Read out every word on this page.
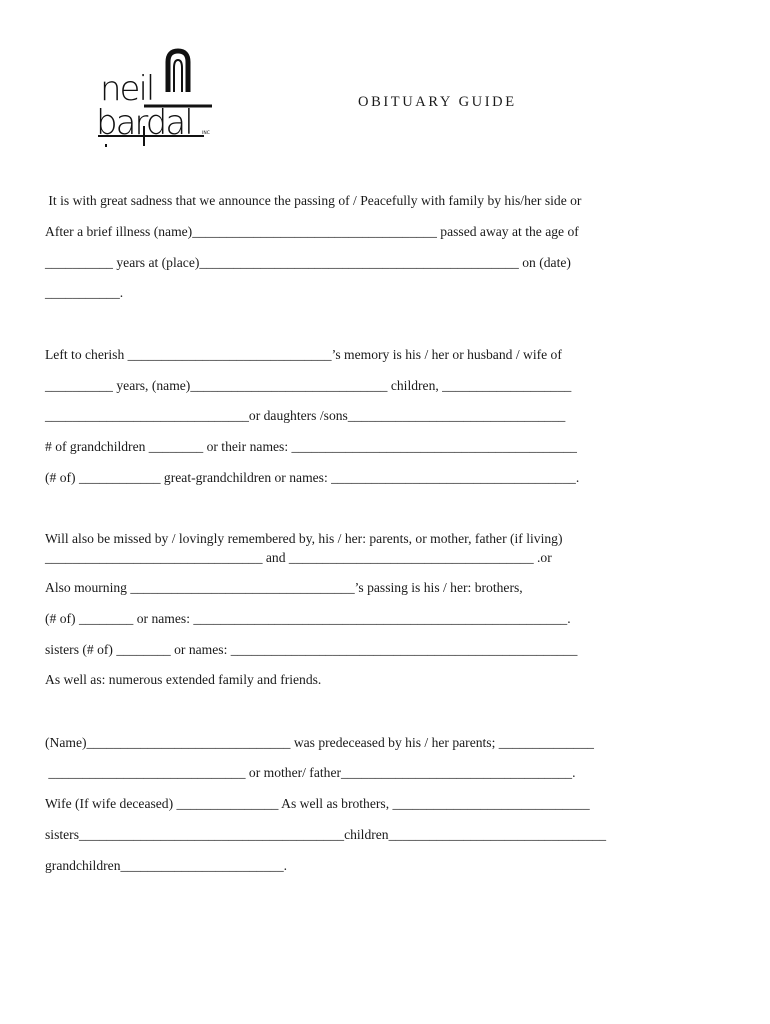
neil
bardal INC
OBITUARY GUIDE
It is with great sadness that we announce the passing of / Peacefully with family by his/her side or
After a brief illness (name)____________________________________ passed away at the age of
__________ years at (place)_______________________________________________ on (date)
___________.
Left to cherish ______________________________’s memory is his / her or husband / wife of
__________ years, (name)_____________________________ children, ___________________
______________________________or daughters /sons________________________________
# of grandchildren ________ or their names: __________________________________________
(# of) ____________ great-grandchildren or names: ____________________________________.
Will also be missed by / lovingly remembered by, his / her: parents, or mother, father (if living)
________________________________ and ____________________________________ .or
Also mourning _________________________________’s passing is his / her: brothers,
(# of) ________ or names: _______________________________________________________.
sisters (# of) ________ or names: ___________________________________________________
As well as: numerous extended family and friends.
(Name)______________________________ was predeceased by his / her parents; ______________
_____________________________ or mother/ father__________________________________.
Wife (If wife deceased) _______________ As well as brothers, _____________________________
sisters_______________________________________children________________________________
grandchildren________________________.
